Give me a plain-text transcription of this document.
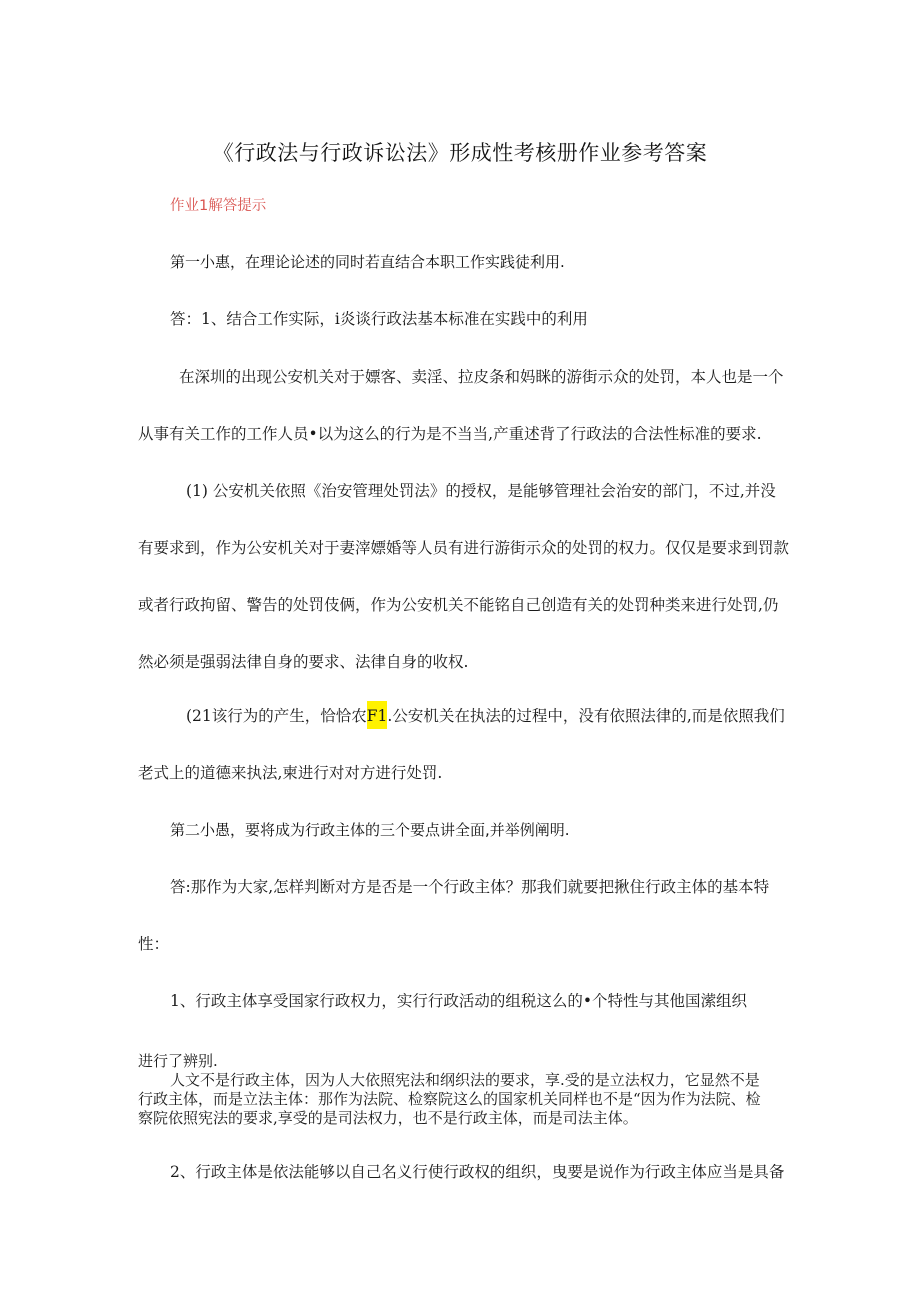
《行政法与行政诉讼法》形成性考核册作业参考答案
作业1解答提示
第一小惠，在理论论述的同时若直结合本职工作实践徒利用.
答：1、结合工作实际，i炎谈行政法基本标准在实践中的利用
在深圳的出现公安机关对于嫖客、卖淫、拉皮条和妈眯的游街示众的处罚，本人也是一个
从事有关工作的工作人员•以为这么的行为是不当当,产重述背了行政法的合法性标准的要求.
(1) 公安机关依照《治安管理处罚法》的授权，是能够管理社会治安的部门，不过,并没
有要求到，作为公安机关对于妻滓嫖婚等人员有进行游街示众的处罚的权力。仅仅是要求到罚款
或者行政拘留、警告的处罚伎俩，作为公安机关不能铭自己创造有关的处罚种类来进行处罚,仍
然必须是强弱法律自身的要求、法律自身的收权.
(21该行为的产生，恰恰农F1.公安机关在执法的过程中，没有依照法律的,而是依照我们
老式上的道德来执法,柬进行对对方进行处罚.
第二小愚，要将成为行政主体的三个要点讲全面,并举例阐明.
答:那作为大家,怎样判断对方是否是一个行政主体？那我们就要把揪住行政主体的基本特
性：
1、行政主体享受国家行政权力，实行行政活动的组税这么的•个特性与其他国潆组织
进行了辨别.
人文不是行政主体，因为人大依照宪法和纲织法的要求，享.受的是立法权力，它显然不是
行政主体，而是立法主体：那作为法院、检察院这么的国家机关同样也不是“因为作为法院、检
察院依照宪法的要求,享受的是司法权力，也不是行政主体，而是司法主体。
2、行政主体是依法能够以自己名义行使行政权的组织，曳要是说作为行政主体应当是具备
